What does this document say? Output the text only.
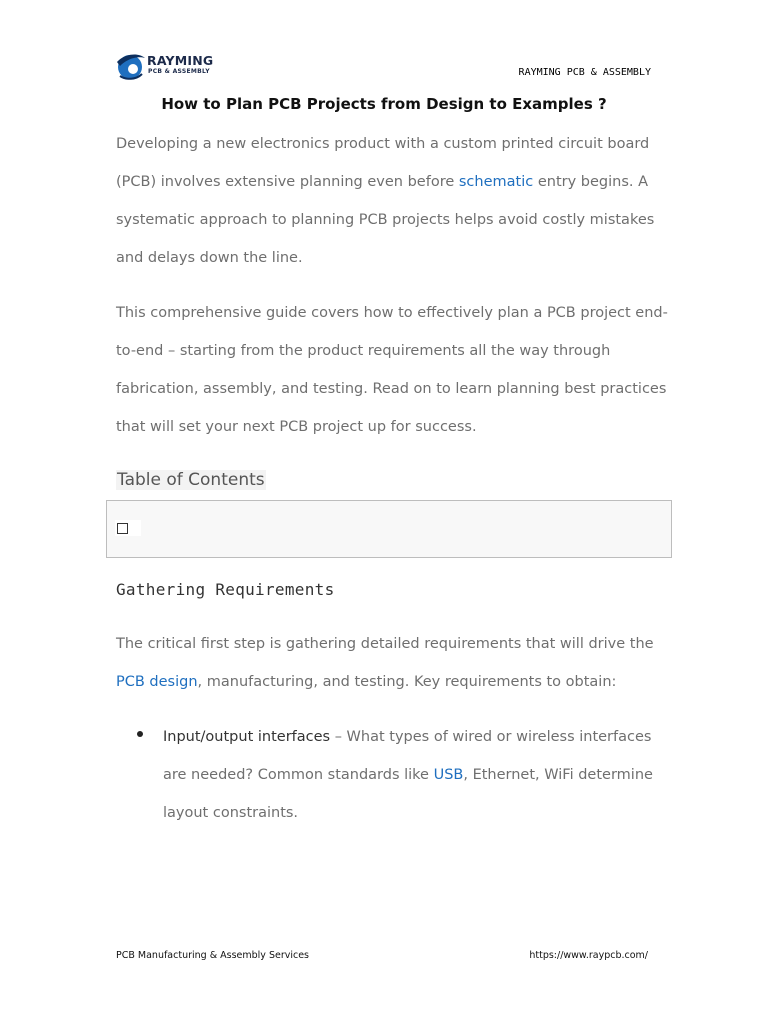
RAYMING
PCB & ASSEMBLY	RAYMING PCB & ASSEMBLY
How to Plan PCB Projects from Design to Examples ?

Developing a new electronics product with a custom printed circuit board (PCB) involves extensive planning even before schematic entry begins. A systematic approach to planning PCB projects helps avoid costly mistakes and delays down the line.

This comprehensive guide covers how to effectively plan a PCB project end-to-end – starting from the product requirements all the way through fabrication, assembly, and testing. Read on to learn planning best practices that will set your next PCB project up for success.

Table of Contents
Gathering Requirements

The critical first step is gathering detailed requirements that will drive the PCB design, manufacturing, and testing. Key requirements to obtain:

Input/output interfaces – What types of wired or wireless interfaces are needed? Common standards like USB, Ethernet, WiFi determine layout constraints.

PCB Manufacturing & Assembly Services	https://www.raypcb.com/
